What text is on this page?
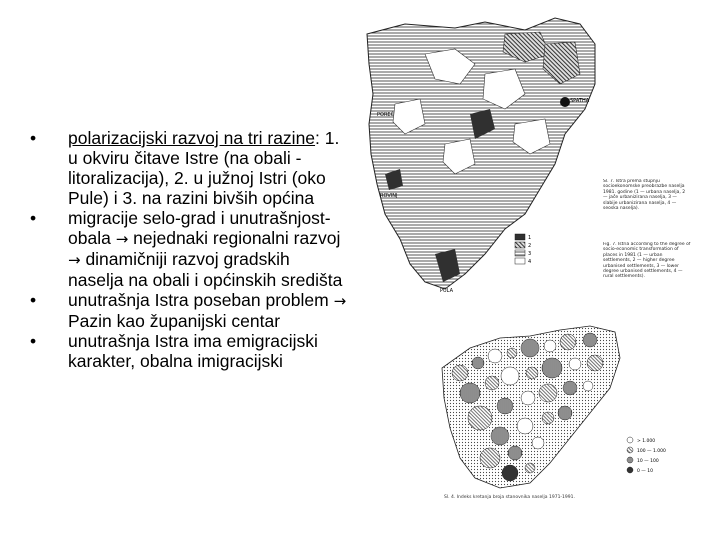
• polarizacijski razvoj na tri razine: 1. u okviru čitave Istre (na obali - litoralizacija), 2. u južnoj Istri (oko Pule) i 3. na razini bivših općina
• migracije selo-grad i unutrašnjost-obala → nejednaki regionalni razvoj → dinamičniji razvoj gradskih naselja na obali i općinskih središta
• unutrašnja Istra poseban problem → Pazin kao županijski centar
• unutrašnja Istra ima emigracijski karakter, obalna imigracijski
POREČ
ROVINJ
PULA
SPATHA
1
2
3
4
Sl. 7. Istra prema stupnju socioekonomske preobrazbe naselja 1981. godine (1 — urbana naselja, 2 — jače urbanizirana naselja, 3 — slabije urbanizirana naselja, 4 — seoska naselja).
Fig. 7. Istria according to the degree of socio-economic transformation of places in 1981 (1 — urban settlements, 2 — higher degree urbanised settlements, 3 — lower degree urbanised settlements, 4 — rural settlements).
> 1.000
100 — 1.000
10 — 100
0 — 10
Sl. 4. Indeks kretanja broja stanovnika naselja 1971-1991.
